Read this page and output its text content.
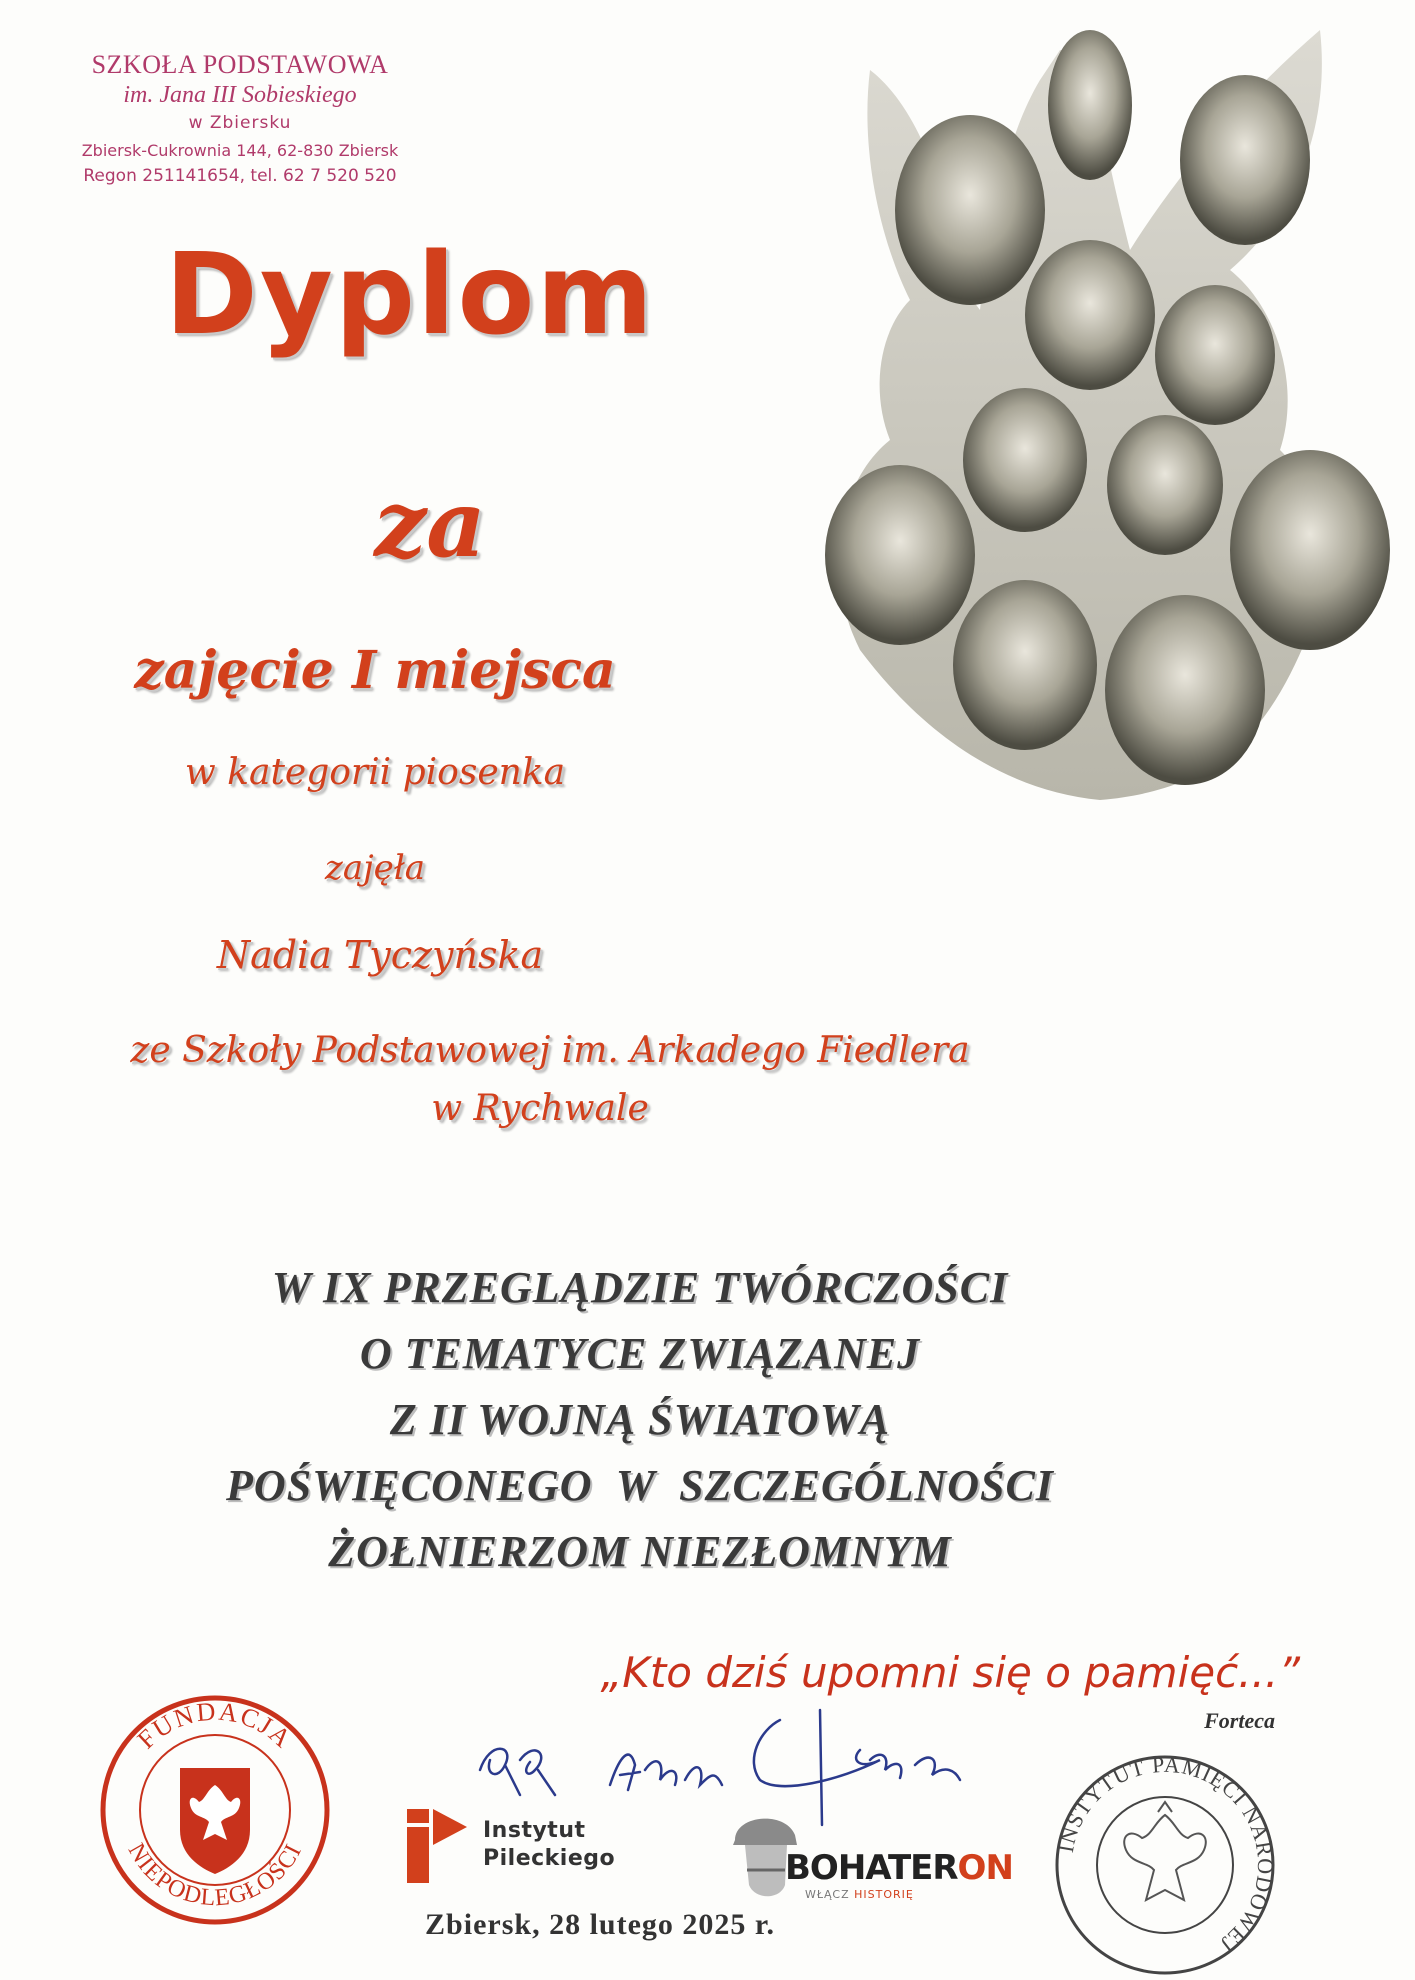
SZKOŁA PODSTAWOWA
im. Jana III Sobieskiego
w Zbiersku
Zbiersk-Cukrownia 144, 62-830 Zbiersk
Regon 251141654, tel. 62 7 520 520
Dyplom
za
zajęcie I miejsca
w kategorii piosenka
zajęła
Nadia Tyczyńska
ze Szkoły Podstawowej im. Arkadego Fiedlera
w Rychwale
W IX PRZEGLĄDZIE TWÓRCZOŚCI
O TEMATYCE ZWIĄZANEJ
Z II WOJNĄ ŚWIATOWĄ
POŚWIĘCONEGO  W  SZCZEGÓLNOŚCI
ŻOŁNIERZOM NIEZŁOMNYM
„Kto dziś upomni się o pamięć...”
Forteca
FUNDACJA
NIEPODLEGŁOŚCI
Instytut
Pileckiego	BOHATERON
WŁĄCZ HISTORIĘ
INSTYTUT PAMIĘCI NARODOWEJ
Zbiersk, 28 lutego 2025 r.
